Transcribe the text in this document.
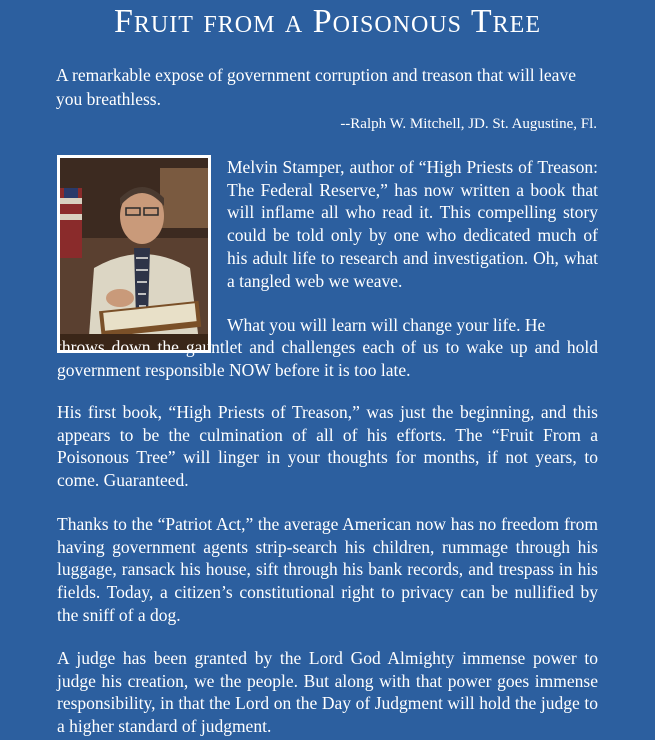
Fruit from a Poisonous Tree
A remarkable expose of government corruption and treason that will leave you breathless.
--Ralph W. Mitchell, JD. St. Augustine, Fl.
Melvin Stamper, author of “High Priests of Treason: The Federal Reserve,” has now written a book that will inflame all who read it. This compelling story could be told only by one who dedicated much of his adult life to research and investigation. Oh, what a tangled web we weave.
What you will learn will change your life. He
throws down the gauntlet and challenges each of us to wake up and hold government responsible NOW before it is too late.
His first book, “High Priests of Treason,” was just the beginning, and this appears to be the culmination of all of his efforts. The “Fruit From a Poisonous Tree” will linger in your thoughts for months, if not years, to come. Guaranteed.
Thanks to the “Patriot Act,” the average American now has no freedom from having government agents strip-search his children, rummage through his luggage, ransack his house, sift through his bank records, and trespass in his fields. Today, a citizen’s constitutional right to privacy can be nullified by the sniff of a dog.
A judge has been granted by the Lord God Almighty immense power to judge his creation, we the people. But along with that power goes immense responsibility, in that the Lord on the Day of Judgment will hold the judge to a higher standard of judgment.
